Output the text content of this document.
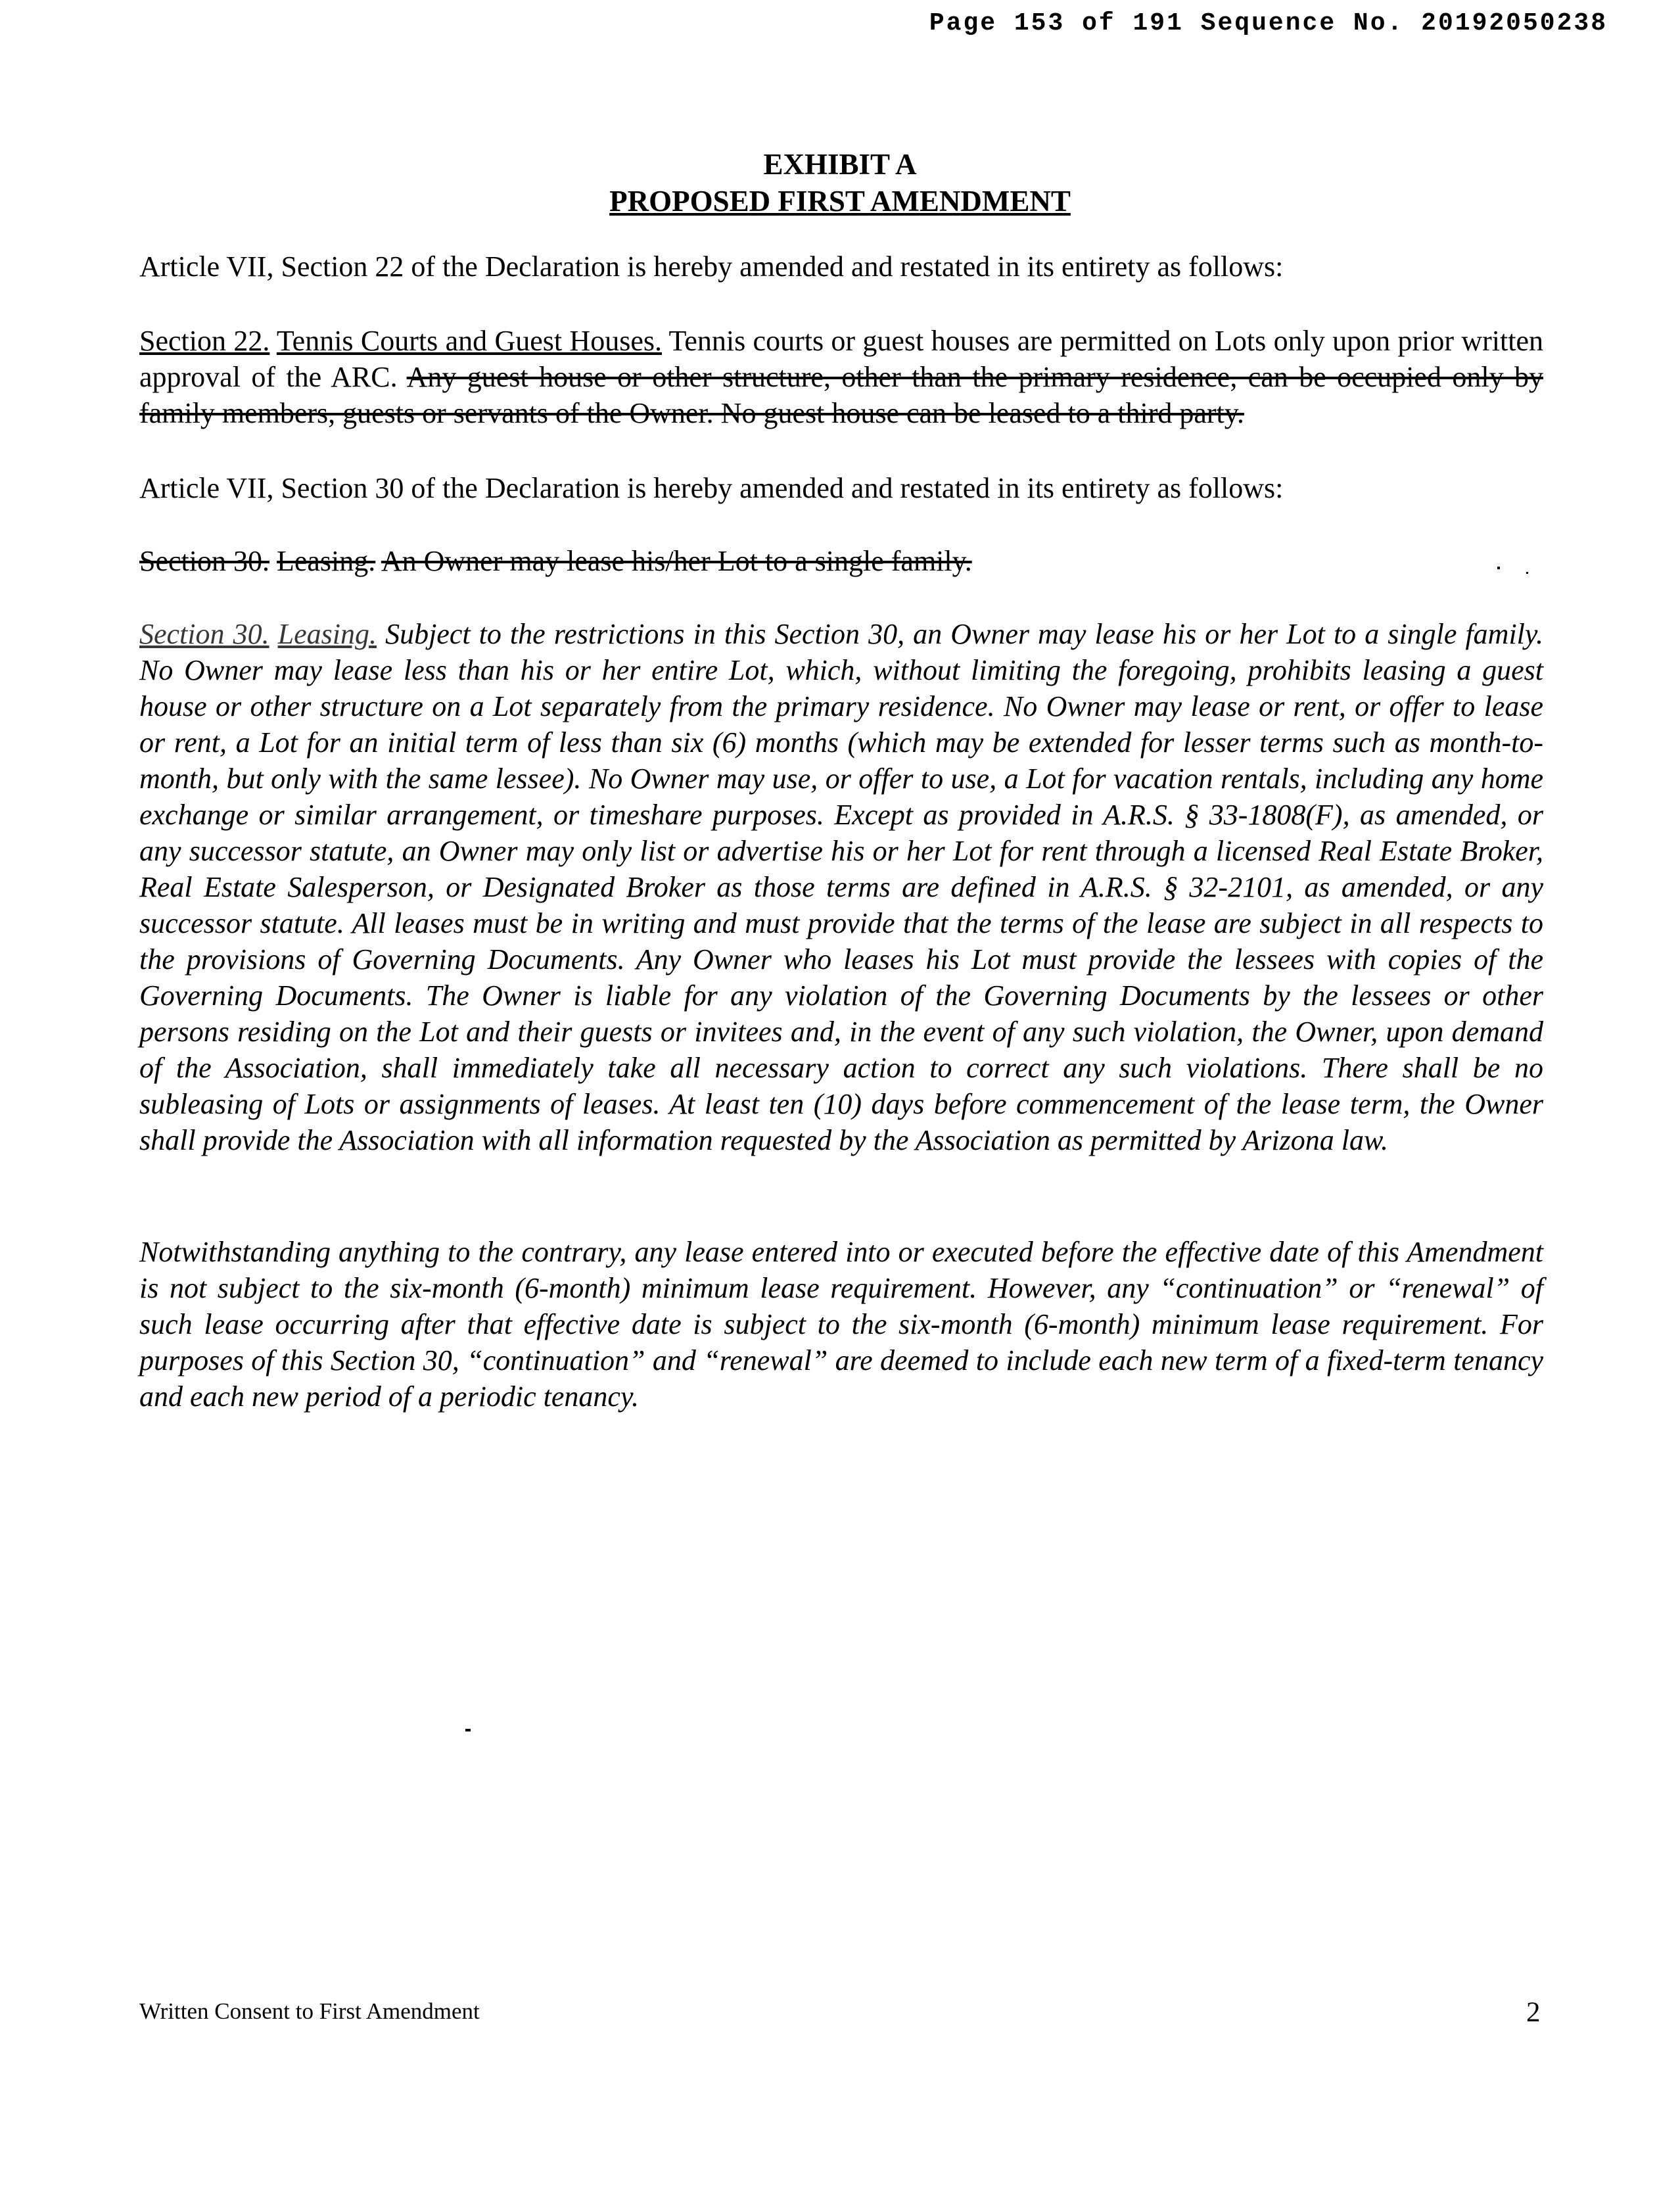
Page 153 of 191 Sequence No. 20192050238
EXHIBIT A
PROPOSED FIRST AMENDMENT
Article VII, Section 22 of the Declaration is hereby amended and restated in its entirety as follows:
Section 22. Tennis Courts and Guest Houses. Tennis courts or guest houses are permitted on Lots only upon prior written approval of the ARC. Any guest house or other structure, other than the primary residence, can be occupied only by family members, guests or servants of the Owner. No guest house can be leased to a third party.
Article VII, Section 30 of the Declaration is hereby amended and restated in its entirety as follows:
Section 30. Leasing. An Owner may lease his/her Lot to a single family.
Section 30. Leasing. Subject to the restrictions in this Section 30, an Owner may lease his or her Lot to a single family. No Owner may lease less than his or her entire Lot, which, without limiting the foregoing, prohibits leasing a guest house or other structure on a Lot separately from the primary residence. No Owner may lease or rent, or offer to lease or rent, a Lot for an initial term of less than six (6) months (which may be extended for lesser terms such as month-to-month, but only with the same lessee). No Owner may use, or offer to use, a Lot for vacation rentals, including any home exchange or similar arrangement, or timeshare purposes. Except as provided in A.R.S. § 33-1808(F), as amended, or any successor statute, an Owner may only list or advertise his or her Lot for rent through a licensed Real Estate Broker, Real Estate Salesperson, or Designated Broker as those terms are defined in A.R.S. § 32-2101, as amended, or any successor statute. All leases must be in writing and must provide that the terms of the lease are subject in all respects to the provisions of Governing Documents. Any Owner who leases his Lot must provide the lessees with copies of the Governing Documents. The Owner is liable for any violation of the Governing Documents by the lessees or other persons residing on the Lot and their guests or invitees and, in the event of any such violation, the Owner, upon demand of the Association, shall immediately take all necessary action to correct any such violations. There shall be no subleasing of Lots or assignments of leases. At least ten (10) days before commencement of the lease term, the Owner shall provide the Association with all information requested by the Association as permitted by Arizona law.
Notwithstanding anything to the contrary, any lease entered into or executed before the effective date of this Amendment is not subject to the six-month (6-month) minimum lease requirement. However, any “continuation” or “renewal” of such lease occurring after that effective date is subject to the six-month (6-month) minimum lease requirement. For purposes of this Section 30, “continuation” and “renewal” are deemed to include each new term of a fixed-term tenancy and each new period of a periodic tenancy.
Written Consent to First Amendment	2
